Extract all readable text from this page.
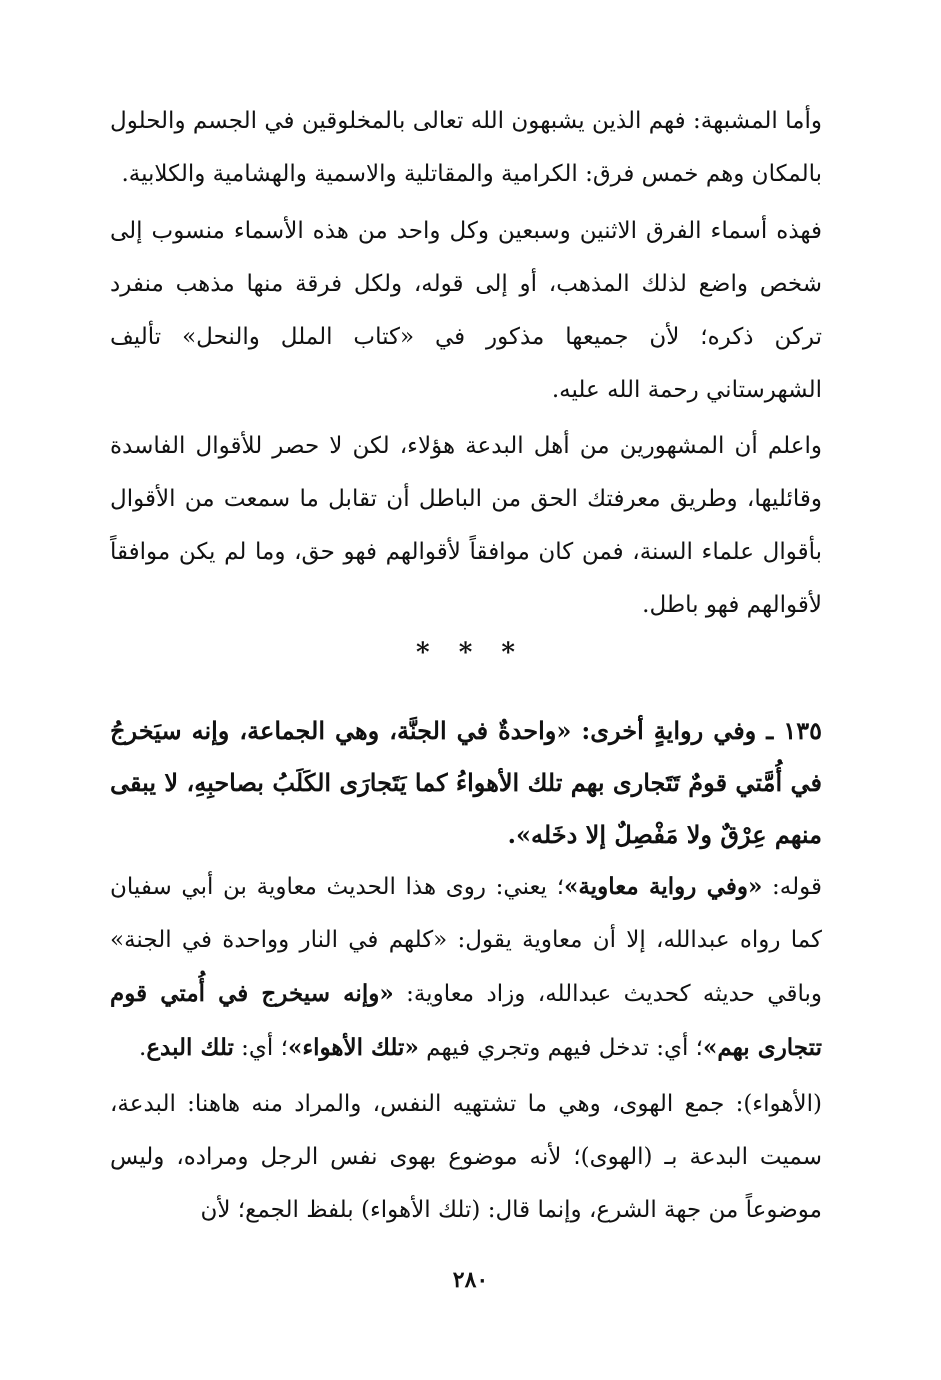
وأما المشبهة: فهم الذين يشبهون الله تعالى بالمخلوقين في الجسم والحلول بالمكان وهم خمس فرق: الكرامية والمقاتلية والاسمية والهشامية والكلابية.

فهذه أسماء الفرق الاثنين وسبعين وكل واحد من هذه الأسماء منسوب إلى شخص واضع لذلك المذهب، أو إلى قوله، ولكل فرقة منها مذهب منفرد تركن ذكره؛ لأن جميعها مذكور في «كتاب الملل والنحل» تأليف الشهرستاني رحمة الله عليه.

واعلم أن المشهورين من أهل البدعة هؤلاء، لكن لا حصر للأقوال الفاسدة وقائليها، وطريق معرفتك الحق من الباطل أن تقابل ما سمعت من الأقوال بأقوال علماء السنة، فمن كان موافقاً لأقوالهم فهو حق، وما لم يكن موافقاً لأقوالهم فهو باطل.

* * *
١٣٥ ـ وفي روايةٍ أخرى: «واحدةٌ في الجنَّة، وهي الجماعة، وإنه سيَخرجُ في أُمَّتي قومٌ تَتَجارى بهم تلك الأهواءُ كما يَتَجارَى الكَلَبُ بصاحبِهِ، لا يبقى منهم عِرْقٌ ولا مَفْصِلٌ إلا دخَله».

قوله: «وفي رواية معاوية»؛ يعني: روى هذا الحديث معاوية بن أبي سفيان كما رواه عبدالله، إلا أن معاوية يقول: «كلهم في النار وواحدة في الجنة» وباقي حديثه كحديث عبدالله، وزاد معاوية: «وإنه سيخرج في أُمتي قوم تتجارى بهم»؛ أي: تدخل فيهم وتجري فيهم «تلك الأهواء»؛ أي: تلك البدع.

(الأهواء): جمع الهوى، وهي ما تشتهيه النفس، والمراد منه هاهنا: البدعة، سميت البدعة بـ (الهوى)؛ لأنه موضوع بهوى نفس الرجل ومراده، وليس موضوعاً من جهة الشرع، وإنما قال: (تلك الأهواء) بلفظ الجمع؛ لأن

٢٨٠
